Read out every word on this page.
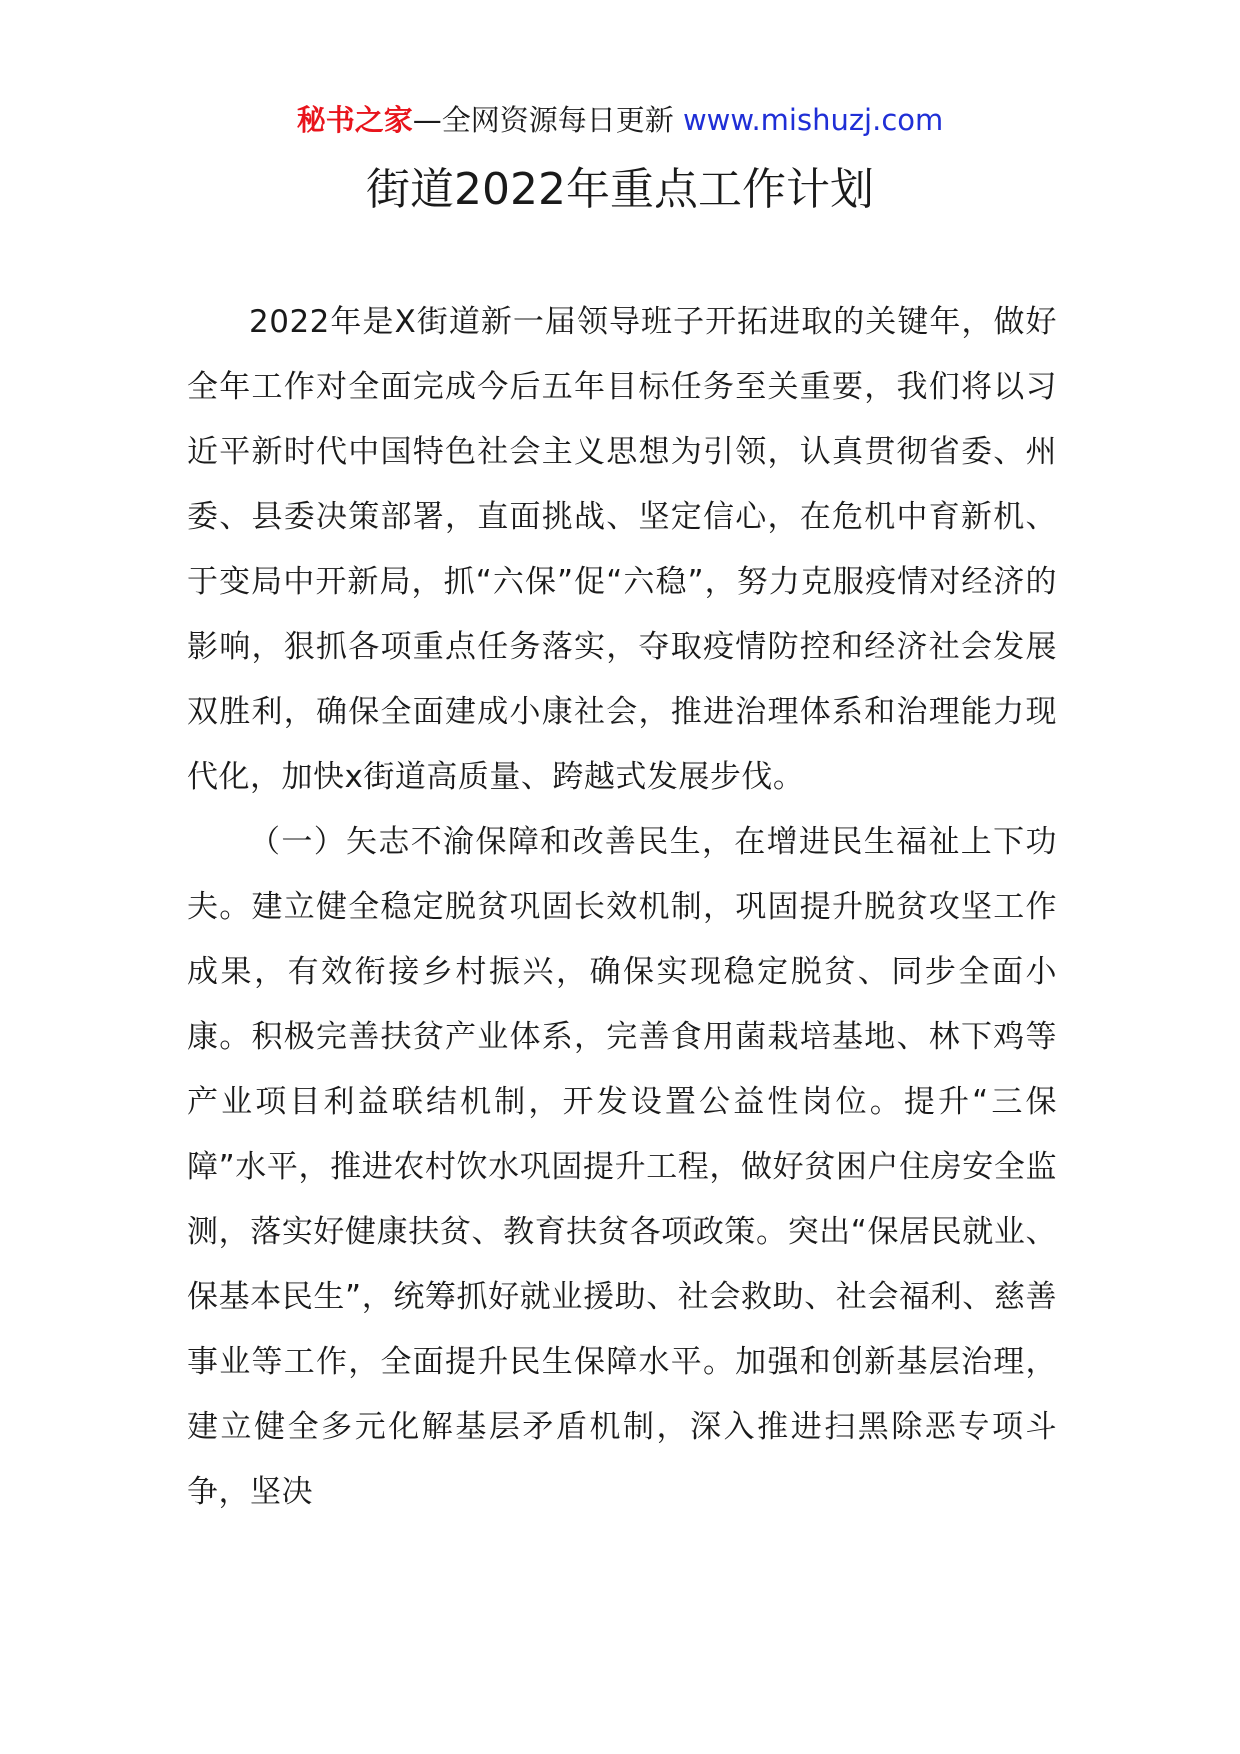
秘书之家—全网资源每日更新 www.mishuzj.com
街道2022年重点工作计划

2022年是X街道新一届领导班子开拓进取的关键年，做好全年工作对全面完成今后五年目标任务至关重要，我们将以习近平新时代中国特色社会主义思想为引领，认真贯彻省委、州委、县委决策部署，直面挑战、坚定信心，在危机中育新机、于变局中开新局，抓“六保”促“六稳”，努力克服疫情对经济的影响，狠抓各项重点任务落实，夺取疫情防控和经济社会发展双胜利，确保全面建成小康社会，推进治理体系和治理能力现代化，加快x街道高质量、跨越式发展步伐。

（一）矢志不渝保障和改善民生，在增进民生福祉上下功夫。建立健全稳定脱贫巩固长效机制，巩固提升脱贫攻坚工作成果，有效衔接乡村振兴，确保实现稳定脱贫、同步全面小康。积极完善扶贫产业体系，完善食用菌栽培基地、林下鸡等产业项目利益联结机制，开发设置公益性岗位。提升“三保障”水平，推进农村饮水巩固提升工程，做好贫困户住房安全监测，落实好健康扶贫、教育扶贫各项政策。突出“保居民就业、保基本民生”，统筹抓好就业援助、社会救助、社会福利、慈善事业等工作，全面提升民生保障水平。加强和创新基层治理，建立健全多元化解基层矛盾机制，深入推进扫黑除恶专项斗争，坚决
